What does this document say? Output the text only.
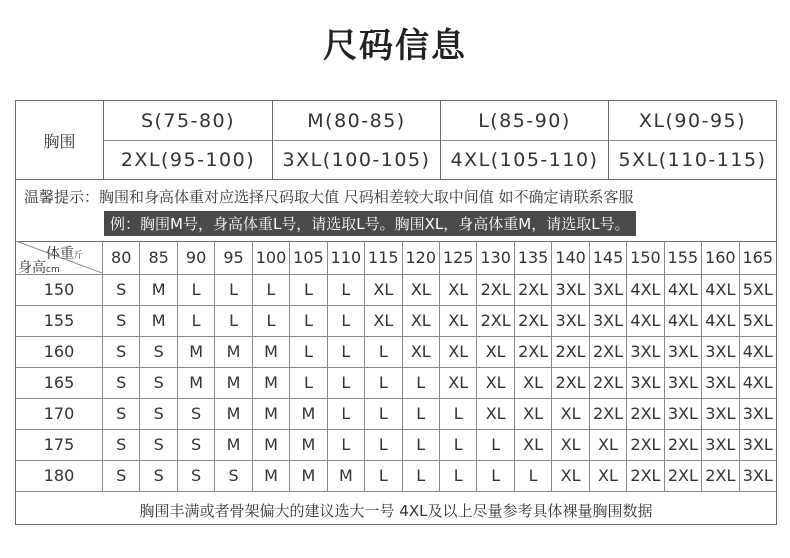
尺码信息
胸围
S(75-80)	M(80-85)	L(85-90)	XL(90-95)
2XL(95-100)	3XL(100-105)	4XL(105-110)	5XL(110-115)
温馨提示：胸围和身高体重对应选择尺码取大值 尺码相差较大取中间值 如不确定请联系客服
例：胸围M号，身高体重L号，请选取L号。胸围XL，身高体重M，请选取L号。
体重斤
身高cm
80	85	90	95 100 105 110 115 120 125 130 135 140 145 150 155 160 165
150	S	M	L	L	L	L	L	XL	XL	XL 2XL 2XL 3XL 3XL 4XL 4XL 4XL 5XL
155	S	M	L	L	L	L	L	XL	XL	XL 2XL 2XL 3XL 3XL 4XL 4XL 4XL 5XL
160	S	S	M	M	M	L	L	L	XL	XL	XL 2XL 2XL 2XL 3XL 3XL 3XL 4XL
165	S	S	M	M	M	L	L	L	L	XL	XL	XL 2XL 2XL 3XL 3XL 3XL 4XL
170	S	S	S	M	M	M	L	L	L	L	XL	XL	XL 2XL 2XL 3XL 3XL 3XL
175	S	S	S	M	M	M	L	L	L	L	L	XL	XL	XL 2XL 2XL 3XL 3XL
180	S	S	S	S	M	M	M	L	L	L	L	L	XL	XL 2XL 2XL 2XL 3XL
胸围丰满或者骨架偏大的建议选大一号 4XL及以上尽量参考具体裸量胸围数据
